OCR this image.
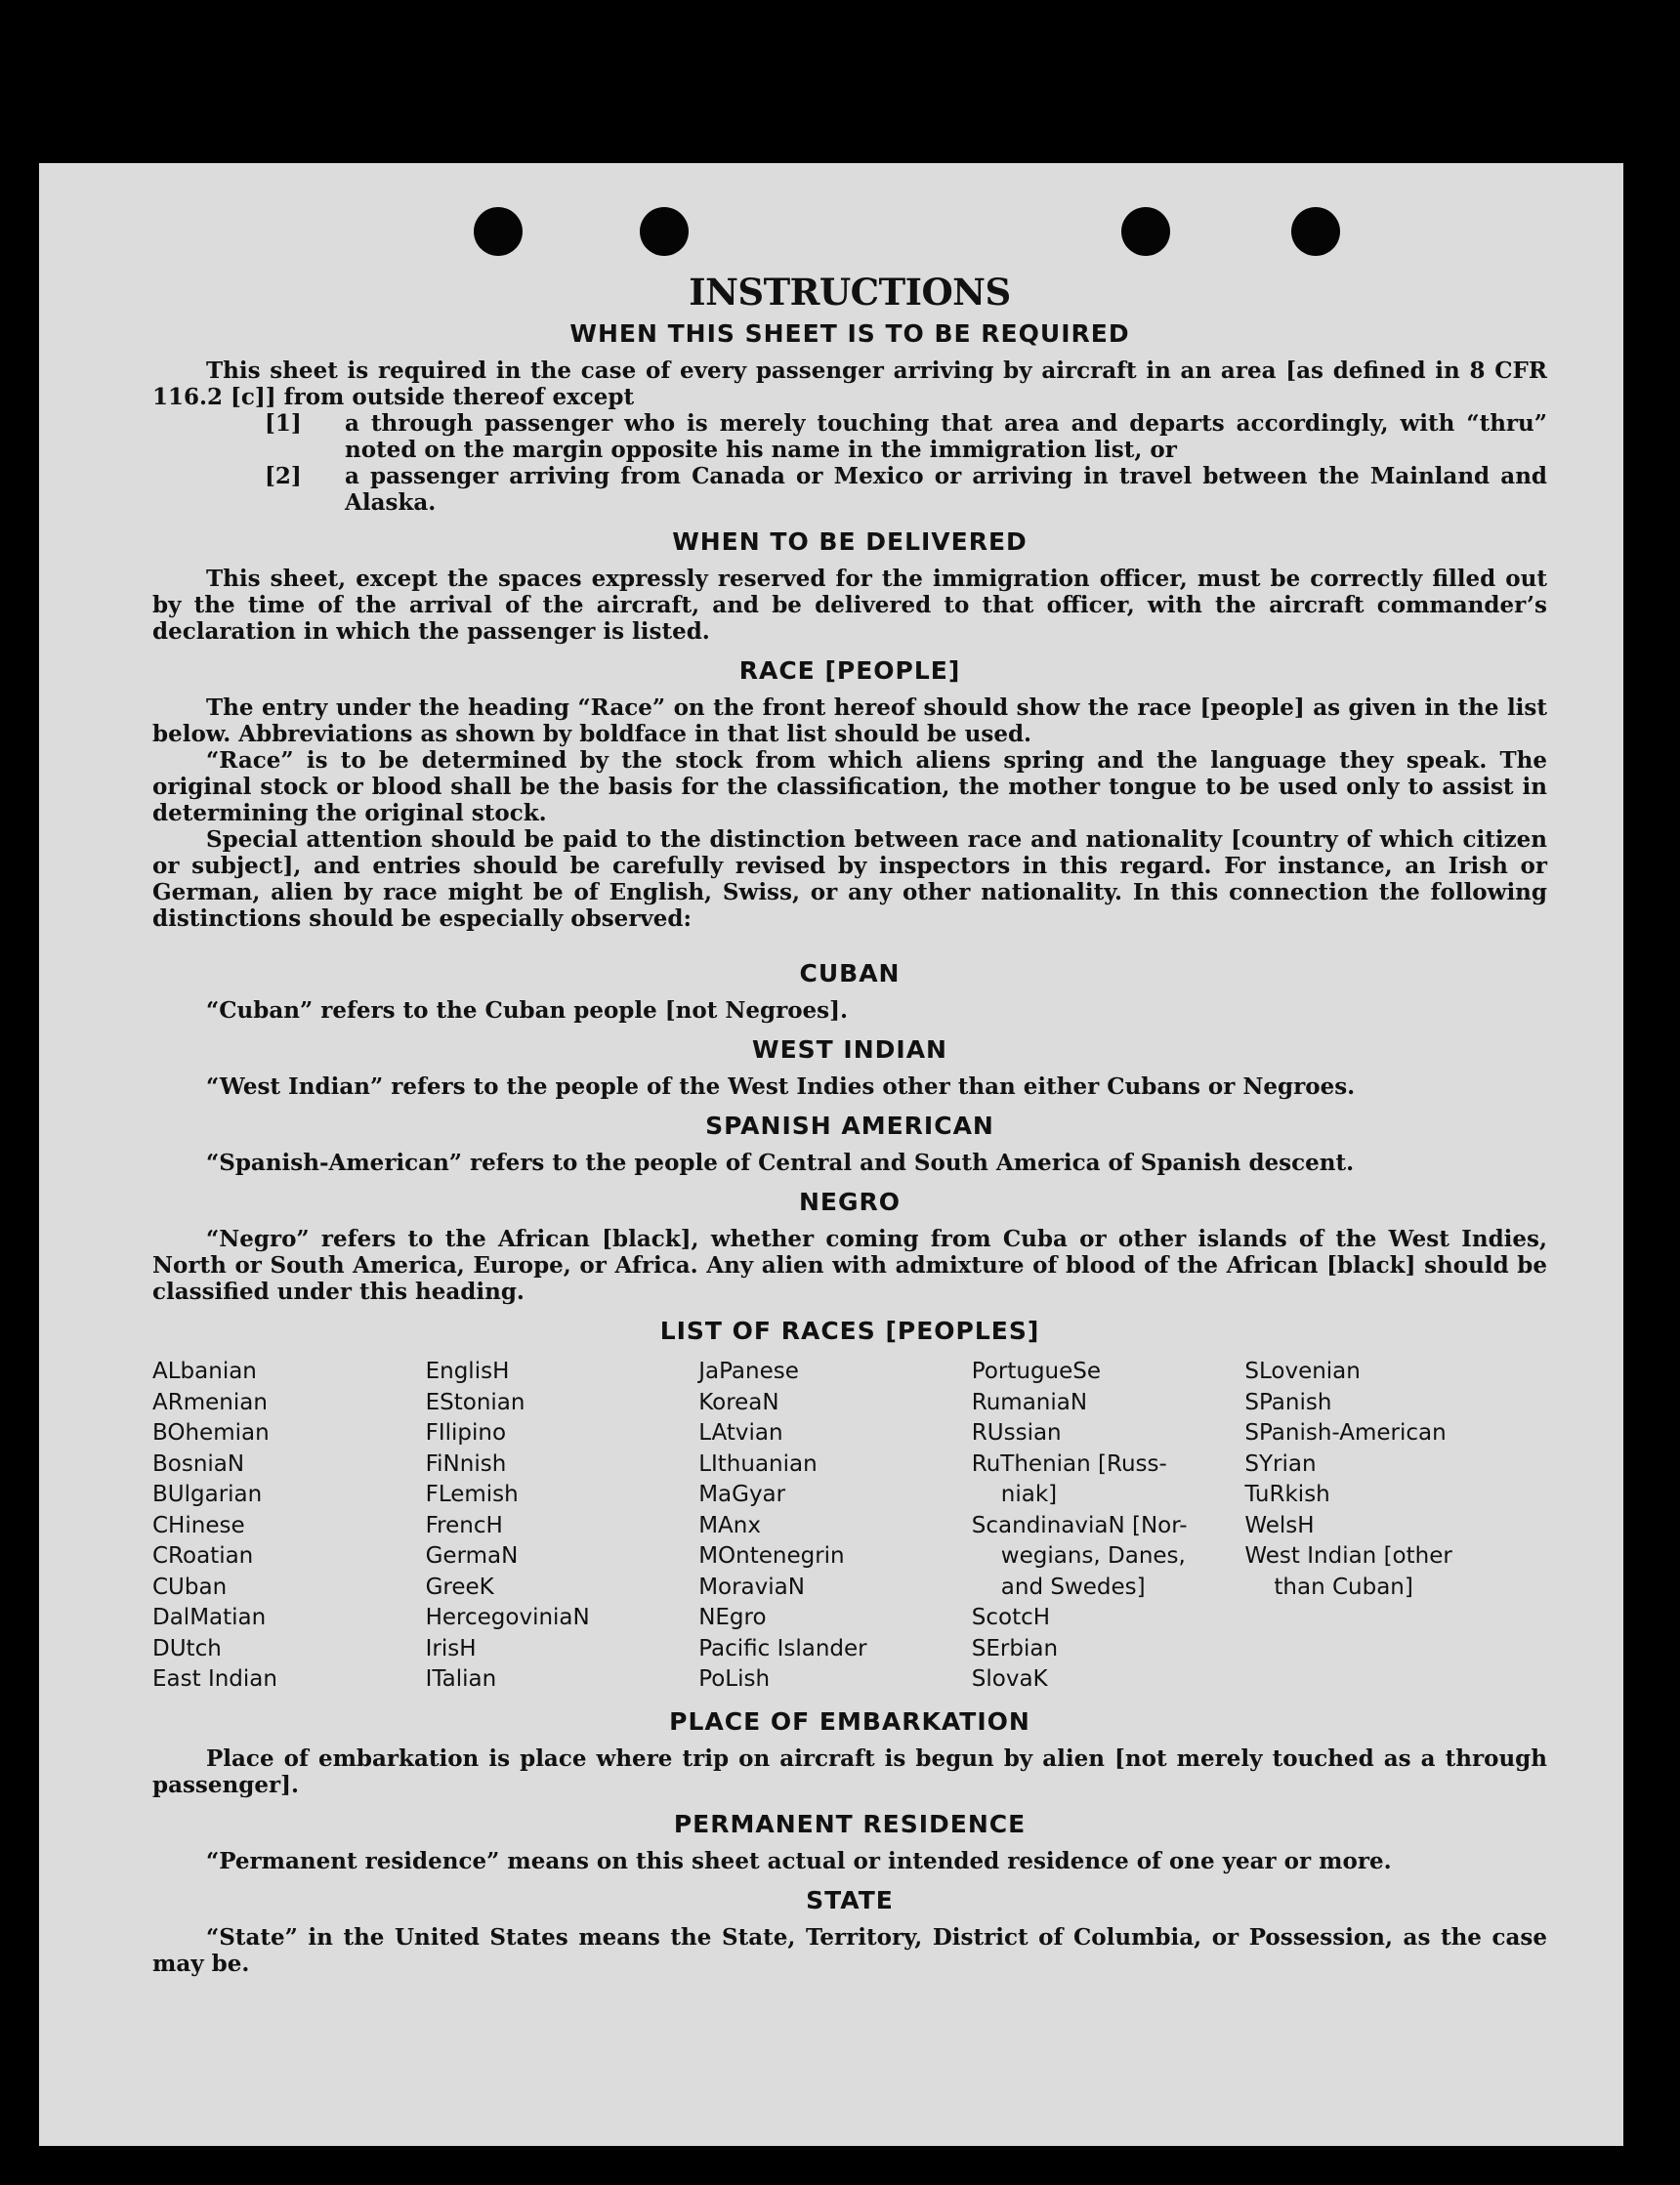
INSTRUCTIONS
WHEN THIS SHEET IS TO BE REQUIRED

This sheet is required in the case of every passenger arriving by aircraft in an area [as defined in 8 CFR 116.2 [c]] from outside thereof except

[1]	a through passenger who is merely touching that area and departs accordingly, with “thru” noted on the margin opposite his name in the immigration list, or
[2]	a passenger arriving from Canada or Mexico or arriving in travel between the Mainland and Alaska.
WHEN TO BE DELIVERED

This sheet, except the spaces expressly reserved for the immigration officer, must be correctly filled out by the time of the arrival of the aircraft, and be delivered to that officer, with the aircraft commander’s declaration in which the passenger is listed.

RACE [PEOPLE]

The entry under the heading “Race” on the front hereof should show the race [people] as given in the list below. Abbreviations as shown by boldface in that list should be used.

“Race” is to be determined by the stock from which aliens spring and the language they speak. The original stock or blood shall be the basis for the classification, the mother tongue to be used only to assist in determining the original stock.

Special attention should be paid to the distinction between race and nationality [country of which citizen or subject], and entries should be carefully revised by inspectors in this regard. For instance, an Irish or German, alien by race might be of English, Swiss, or any other nationality. In this connection the following distinctions should be especially observed:

CUBAN

“Cuban” refers to the Cuban people [not Negroes].

WEST INDIAN

“West Indian” refers to the people of the West Indies other than either Cubans or Negroes.

SPANISH AMERICAN

“Spanish-American” refers to the people of Central and South America of Spanish descent.

NEGRO

“Negro” refers to the African [black], whether coming from Cuba or other islands of the West Indies, North or South America, Europe, or Africa. Any alien with admixture of blood of the African [black] should be classified under this heading.

LIST OF RACES [PEOPLES]
ALbanian
ARmenian
BOhemian
BosniaN
BUlgarian
CHinese
CRoatian
CUban
DalMatian
DUtch
East Indian
EnglisH
EStonian
FIlipino
FiNnish
FLemish
FrencH
GermaN
GreeK
HercegoviniaN
IrisH
ITalian
JaPanese
KoreaN
LAtvian
LIthuanian
MaGyar
MAnx
MOntenegrin
MoraviaN
NEgro
Pacific Islander
PoLish
PortugueSe
RumaniaN
RUssian
RuThenian [Russ-
niak]
ScandinaviaN [Nor-
wegians, Danes,
and Swedes]
ScotcH
SErbian
SlovaK
SLovenian
SPanish
SPanish-American
SYrian
TuRkish
WelsH
West Indian [other
than Cuban]
PLACE OF EMBARKATION

Place of embarkation is place where trip on aircraft is begun by alien [not merely touched as a through passenger].

PERMANENT RESIDENCE

“Permanent residence” means on this sheet actual or intended residence of one year or more.

STATE

“State” in the United States means the State, Territory, District of Columbia, or Possession, as the case may be.
